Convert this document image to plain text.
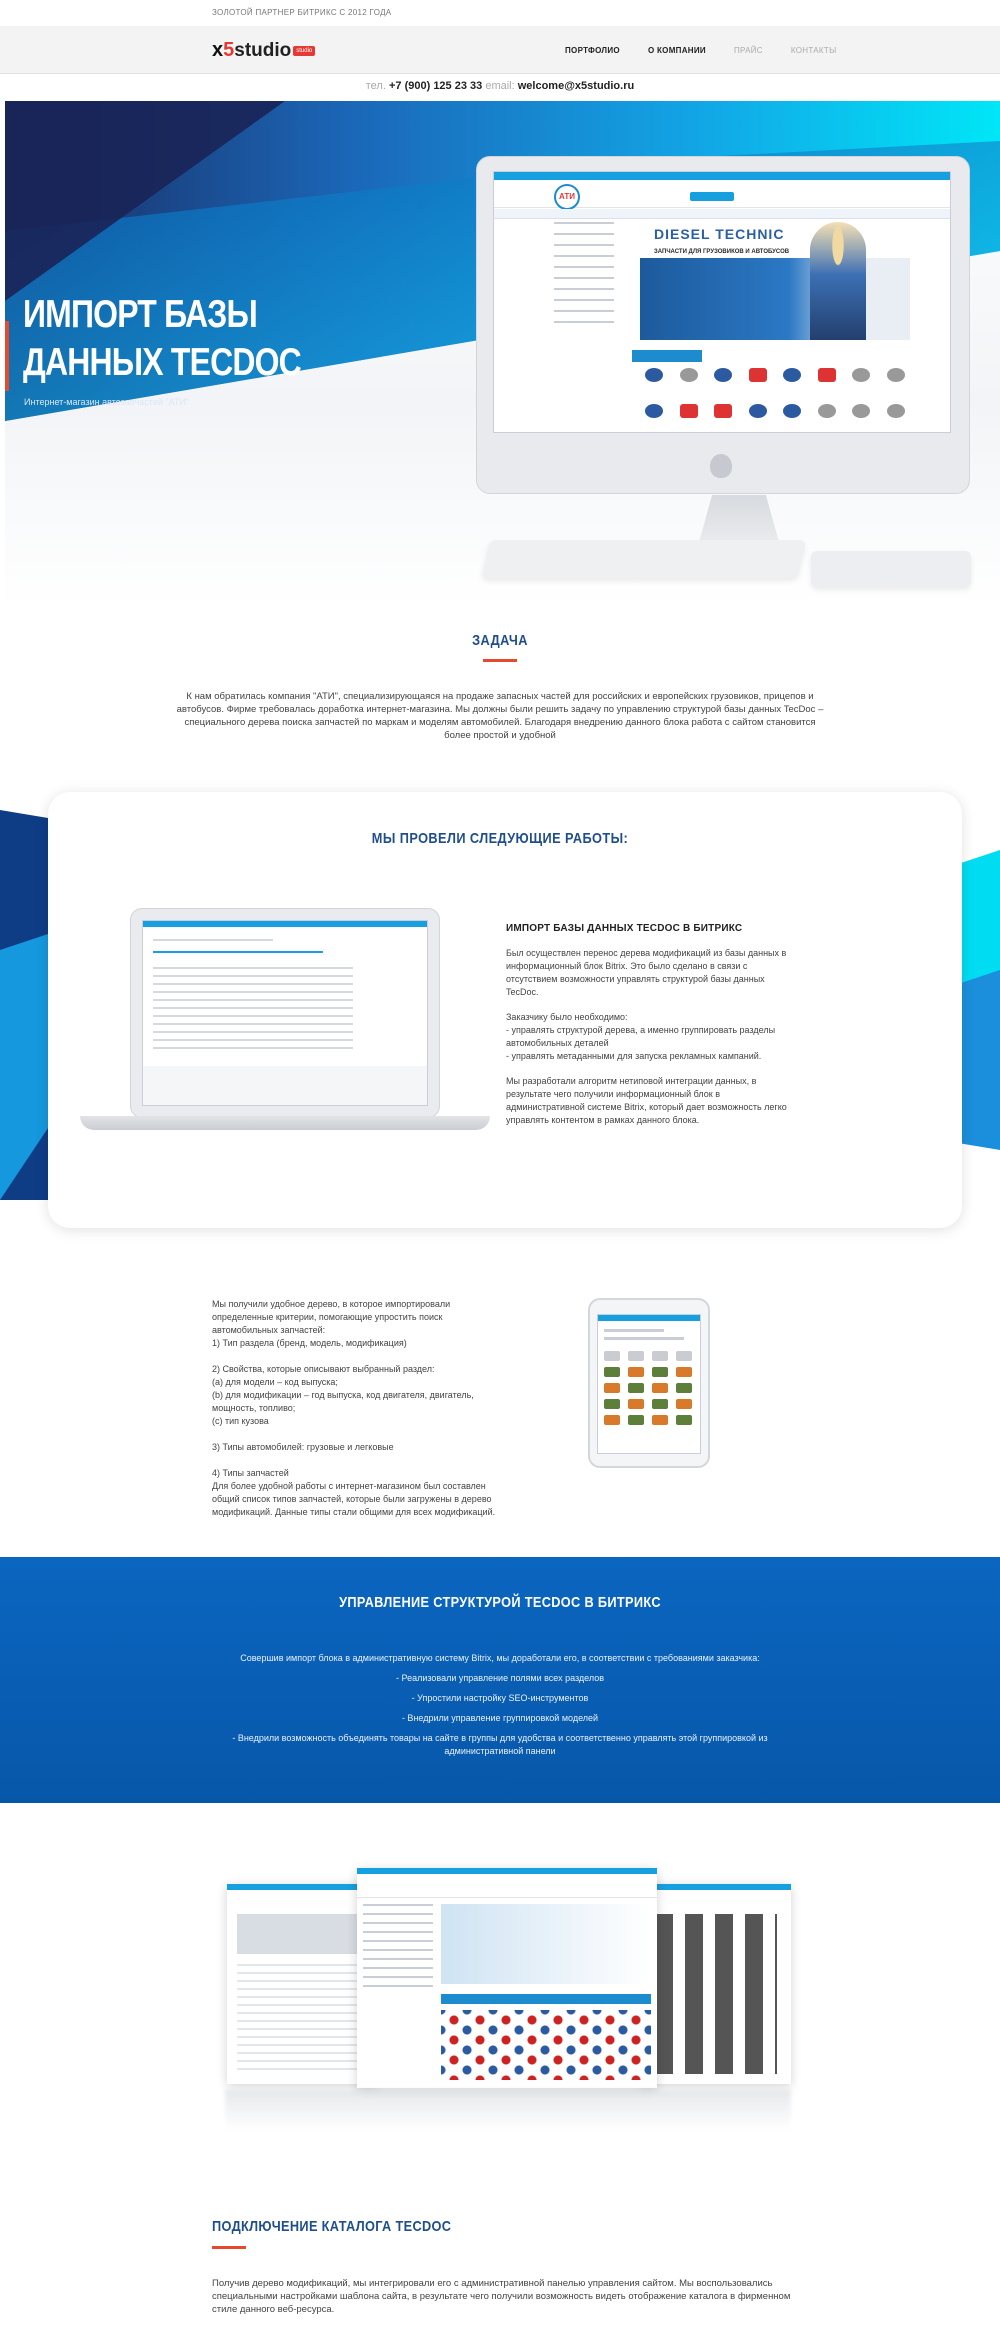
ЗОЛОТОЙ ПАРТНЕР БИТРИКС С 2012 ГОДА
x5 studio studio	ПОРТФОЛИО	О КОМПАНИИ	ПРАЙС	КОНТАКТЫ
тел. +7 (900) 125 23 33 email: welcome@x5studio.ru
ИМПОРТ БАЗЫ
ДАННЫХ TECDOC
Интернет-магазин автозапчастей "АТИ"
АТИ
DIESEL TECHNIC
ЗАПЧАСТИ ДЛЯ ГРУЗОВИКОВ И АВТОБУСОВ
ЗАДАЧА

К нам обратилась компания "АТИ", специализирующаяся на продаже запасных частей для российских и европейских грузовиков, прицепов и автобусов. Фирме требовалась доработка интернет-магазина. Мы должны были решить задачу по управлению структурой базы данных TecDoc – специального дерева поиска запчастей по маркам и моделям автомобилей. Благодаря внедрению данного блока работа с сайтом становится более простой и удобной

МЫ ПРОВЕЛИ СЛЕДУЮЩИЕ РАБОТЫ:
ИМПОРТ БАЗЫ ДАННЫХ TECDOC В БИТРИКС

Был осуществлен перенос дерева модификаций из базы данных в информационный блок Bitrix. Это было сделано в связи с отсутствием возможности управлять структурой базы данных TecDoc.

Заказчику было необходимо:
- управлять структурой дерева, а именно группировать разделы автомобильных деталей
- управлять метаданными для запуска рекламных кампаний.

Мы разработали алгоритм нетиповой интеграции данных, в результате чего получили информационный блок в административной системе Bitrix, который дает возможность легко управлять контентом в рамках данного блока.

Мы получили удобное дерево, в которое импортировали определенные критерии, помогающие упростить поиск автомобильных запчастей:
1) Тип раздела (бренд, модель, модификация)

2) Свойства, которые описывают выбранный раздел:
(а) для модели – код выпуска;
(b) для модификации – год выпуска, код двигателя, двигатель, мощность, топливо;
(с) тип кузова

3) Типы автомобилей: грузовые и легковые

4) Типы запчастей
Для более удобной работы с интернет-магазином был составлен общий список типов запчастей, которые были загружены в дерево модификаций. Данные типы стали общими для всех модификаций.
УПРАВЛЕНИЕ СТРУКТУРОЙ TECDOC В БИТРИКС
Совершив импорт блока в административную систему Bitrix, мы доработали его, в соответствии с требованиями заказчика:
- Реализовали управление полями всех разделов
- Упростили настройку SEO-инструментов
- Внедрили управление группировкой моделей
- Внедрили возможность объединять товары на сайте в группы для удобства и соответственно управлять этой группировкой из административной панели
ПОДКЛЮЧЕНИЕ КАТАЛОГА TECDOC

Получив дерево модификаций, мы интегрировали его с административной панелью управления сайтом. Мы воспользовались специальными настройками шаблона сайта, в результате чего получили возможность видеть отображение каталога в фирменном стиле данного веб-ресурса.
